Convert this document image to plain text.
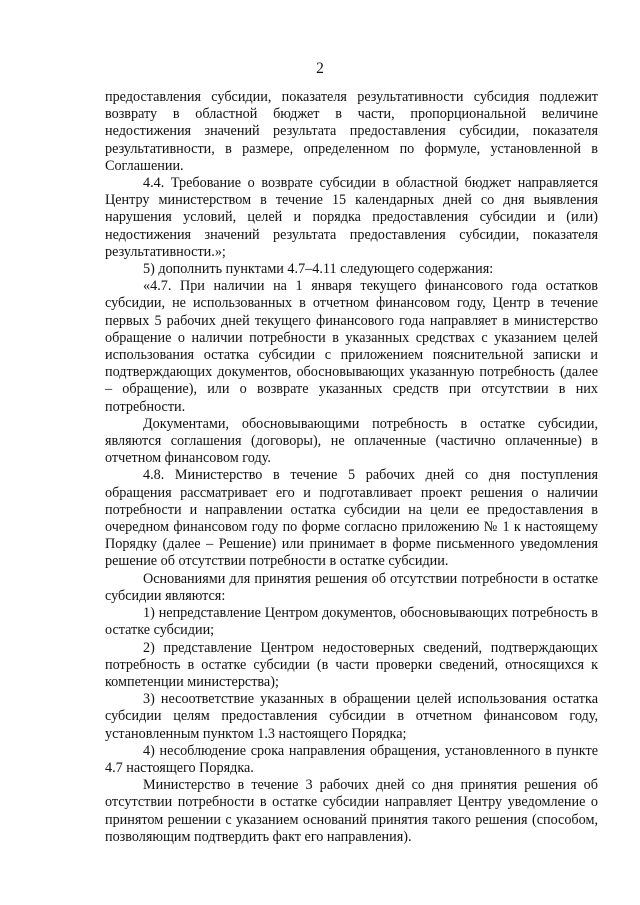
2

предоставления субсидии, показателя результативности субсидия подлежит возврату в областной бюджет в части, пропорциональной величине недостижения значений результата предоставления субсидии, показателя результативности, в размере, определенном по формуле, установленной в Соглашении.

4.4. Требование о возврате субсидии в областной бюджет направляется Центру министерством в течение 15 календарных дней со дня выявления нарушения условий, целей и порядка предоставления субсидии и (или) недостижения значений результата предоставления субсидии, показателя результативности.»;

5) дополнить пунктами 4.7–4.11 следующего содержания:

«4.7. При наличии на 1 января текущего финансового года остатков субсидии, не использованных в отчетном финансовом году, Центр в течение первых 5 рабочих дней текущего финансового года направляет в министерство обращение о наличии потребности в указанных средствах с указанием целей использования остатка субсидии с приложением пояснительной записки и подтверждающих документов, обосновывающих указанную потребность (далее – обращение), или о возврате указанных средств при отсутствии в них потребности.

Документами, обосновывающими потребность в остатке субсидии, являются соглашения (договоры), не оплаченные (частично оплаченные) в отчетном финансовом году.

4.8. Министерство в течение 5 рабочих дней со дня поступления обращения рассматривает его и подготавливает проект решения о наличии потребности и направлении остатка субсидии на цели ее предоставления в очередном финансовом году по форме согласно приложению № 1 к настоящему Порядку (далее – Решение) или принимает в форме письменного уведомления решение об отсутствии потребности в остатке субсидии.

Основаниями для принятия решения об отсутствии потребности в остатке субсидии являются:

1) непредставление Центром документов, обосновывающих потребность в остатке субсидии;

2) представление Центром недостоверных сведений, подтверждающих потребность в остатке субсидии (в части проверки сведений, относящихся к компетенции министерства);

3) несоответствие указанных в обращении целей использования остатка субсидии целям предоставления субсидии в отчетном финансовом году, установленным пунктом 1.3 настоящего Порядка;

4) несоблюдение срока направления обращения, установленного в пункте 4.7 настоящего Порядка.

Министерство в течение 3 рабочих дней со дня принятия решения об отсутствии потребности в остатке субсидии направляет Центру уведомление о принятом решении с указанием оснований принятия такого решения (способом, позволяющим подтвердить факт его направления).
